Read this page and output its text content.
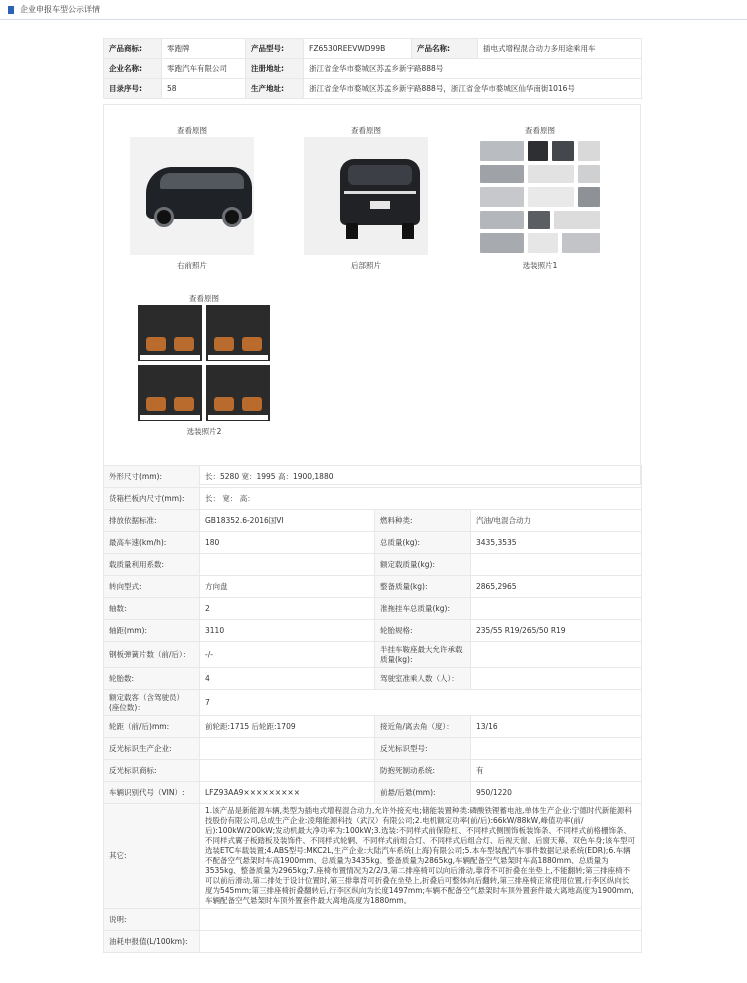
企业申报车型公示详情
产品商标:	零跑牌	产品型号:	FZ6530REEVWD99B	产品名称:	插电式增程混合动力多用途乘用车
企业名称:	零跑汽车有限公司	注册地址:	浙江省金华市婺城区苏孟乡新宇路888号		
目录序号:	58	生产地址:	浙江省金华市婺城区苏孟乡新宇路888号，浙江省金华市婺城区仙华南街1016号		
查看原图
右前照片
查看原图
后部照片
查看原图
选装照片1
查看原图
选装照片2
外形尺寸(mm):	长：5280 宽：1995 高：1900,1880		
货箱栏板内尺寸(mm):	长： 宽： 高：		
排放依据标准:	GB18352.6-2016国VI	燃料种类:	汽油/电混合动力
最高车速(km/h):	180	总质量(kg):	3435,3535
载质量利用系数:		额定载质量(kg):	
转向型式:	方向盘	整备质量(kg):	2865,2965
轴数:	2	准拖挂车总质量(kg):	
轴距(mm):	3110	轮胎规格:	235/55 R19/265/50 R19
钢板弹簧片数（前/后）：	-/-	半挂车鞍座最大允许承载质量(kg):	
轮胎数:	4	驾驶室准乘人数（人）：	
额定载客（含驾驶员）(座位数)：	7		
轮距（前/后)mm:	前轮距:1715 后轮距:1709	接近角/离去角（度）：	13/16
反光标识生产企业:		反光标识型号:	
反光标识商标:		防抱死制动系统:	有
车辆识别代号（VIN）:	LFZ93AA9×××××××××	前悬/后悬(mm):	950/1220
其它:	1.该产品是新能源车辆,类型为插电式增程混合动力,允许外接充电;储能装置种类:磷酸铁锂蓄电池,单体生产企业:宁德时代新能源科技股份有限公司,总成生产企业:凌翔能源科技（武汉）有限公司;2.电机额定功率(前/后):66kW/88kW,峰值功率(前/后):100kW/200kW;发动机最大净功率为:100kW;3.选装:不同样式前保险杠、不同样式侧围饰板装饰条、不同样式前格栅饰条、不同样式翼子板踏板及装饰件、不同样式轮辋、不同样式前组合灯、不同样式后组合灯、后视天窗、后窗天幕、双色车身;该车型可选装ETC车载装置;4.ABS型号:MKC2L,生产企业:大陆汽车系统(上海)有限公司;5.本车型装配汽车事件数据记录系统(EDR);6.车辆不配备空气悬架时车高1900mm、总质量为3435kg、整备质量为2865kg,车辆配备空气悬架时车高1880mm、总质量为3535kg、整备质量为2965kg;7.座椅布置情况为2/2/3,第二排座椅可以向后滑动,靠背不可折叠在坐垫上,不能翻转;第三排座椅不可以前后滑动,第二排处于设计位置时,第三排靠背可折叠在坐垫上,折叠后可整体向后翻转,第三排座椅正常使用位置,行李区纵向长度为545mm;第三排座椅折叠翻转后,行李区纵向为长度1497mm;车辆不配备空气悬架时车顶外置套件最大离地高度为1900mm,车辆配备空气悬架时车顶外置套件最大离地高度为1880mm。		
说明:			
油耗申报值(L/100km):			
